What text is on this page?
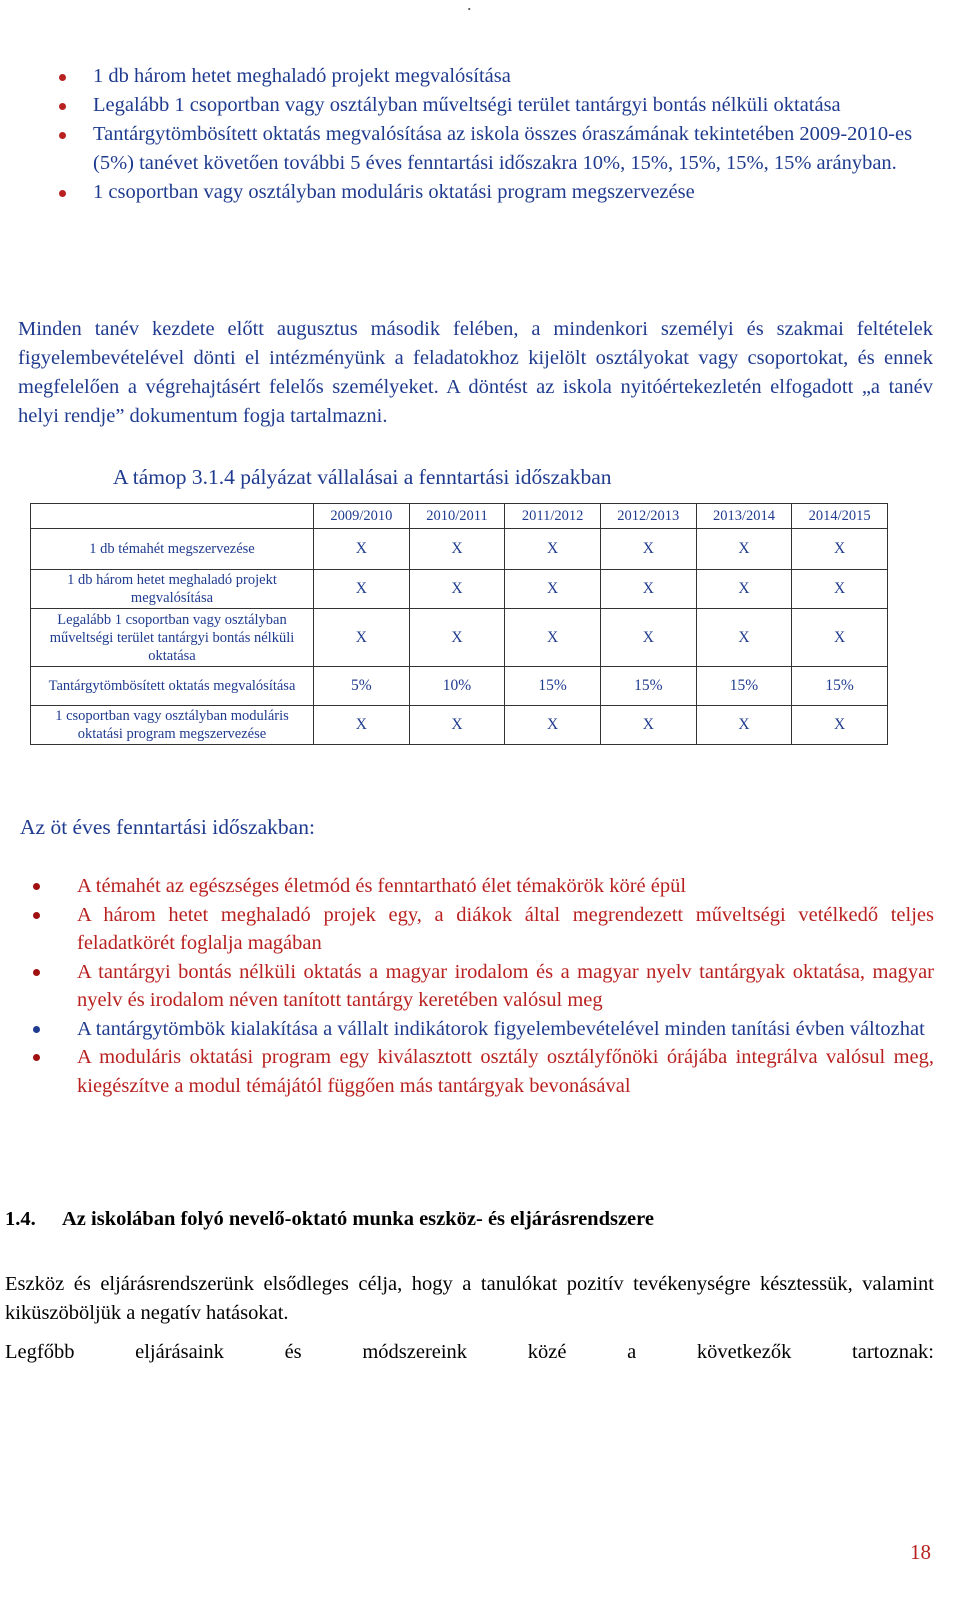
.
1 db három hetet meghaladó projekt megvalósítása
Legalább 1 csoportban vagy osztályban műveltségi terület tantárgyi bontás nélküli oktatása
Tantárgytömbösített oktatás megvalósítása az iskola összes óraszámának tekintetében 2009-2010-es (5%) tanévet követően további 5 éves fenntartási időszakra 10%, 15%, 15%, 15%, 15% arányban.
1 csoportban vagy osztályban moduláris oktatási program megszervezése

Minden tanév kezdete előtt augusztus második felében, a mindenkori személyi és szakmai feltételek figyelembevételével dönti el intézményünk a feladatokhoz kijelölt osztályokat vagy csoportokat, és ennek megfelelően a végrehajtásért felelős személyeket. A döntést az iskola nyitóértekezletén elfogadott „a tanév helyi rendje” dokumentum fogja tartalmazni.

A támop 3.1.4 pályázat vállalásai a fenntartási időszakban
	2009/2010	2010/2011	2011/2012	2012/2013	2013/2014	2014/2015
1 db témahét megszervezése	X	X	X	X	X	X
1 db három hetet meghaladó projekt megvalósítása	X	X	X	X	X	X
Legalább 1 csoportban vagy osztályban műveltségi terület tantárgyi bontás nélküli oktatása	X	X	X	X	X	X
Tantárgytömbösített oktatás megvalósítása	5%	10%	15%	15%	15%	15%
1 csoportban vagy osztályban moduláris oktatási program megszervezése	X	X	X	X	X	X
Az öt éves fenntartási időszakban:
A témahét az egészséges életmód és fenntartható élet témakörök köré épül
A három hetet meghaladó projek egy, a diákok által megrendezett műveltségi vetélkedő teljes feladatkörét foglalja magában
A tantárgyi bontás nélküli oktatás a magyar irodalom és a magyar nyelv tantárgyak oktatása, magyar nyelv és irodalom néven tanított tantárgy keretében valósul meg
A tantárgytömbök kialakítása a vállalt indikátorok figyelembevételével minden tanítási évben változhat
A moduláris oktatási program egy kiválasztott osztály osztályfőnöki órájába integrálva valósul meg, kiegészítve a modul témájától függően más tantárgyak bevonásával
1.4. Az iskolában folyó nevelő-oktató munka eszköz- és eljárásrendszere

Eszköz és eljárásrendszerünk elsődleges célja, hogy a tanulókat pozitív tevékenységre késztessük, valamint kiküszöböljük a negatív hatásokat.

Legfőbb eljárásaink és módszereink közé a következők tartoznak:

18
